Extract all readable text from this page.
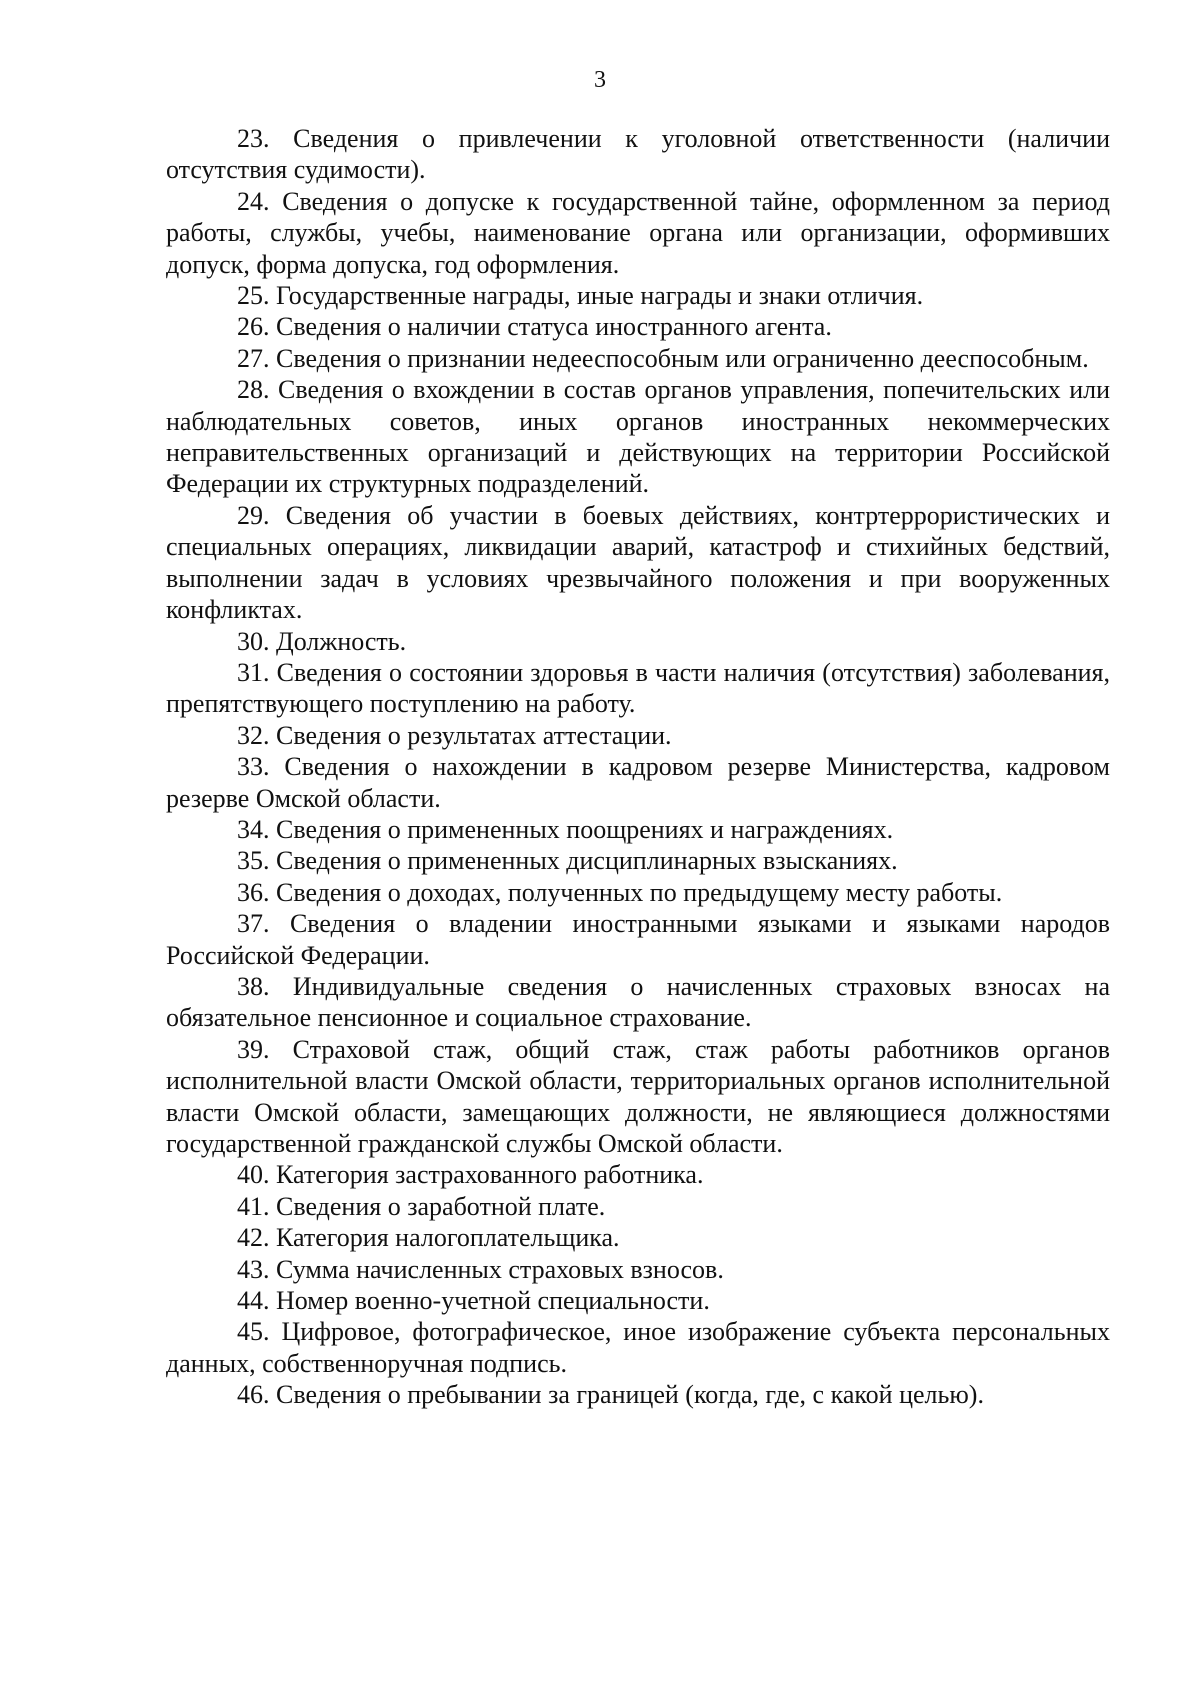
3

23. Сведения о привлечении к уголовной ответственности (наличии отсутствия судимости).

24. Сведения о допуске к государственной тайне, оформленном за период работы, службы, учебы, наименование органа или организации, оформивших допуск, форма допуска, год оформления.

25. Государственные награды, иные награды и знаки отличия.

26. Сведения о наличии статуса иностранного агента.

27. Сведения о признании недееспособным или ограниченно дееспособным.

28. Сведения о вхождении в состав органов управления, попечительских или наблюдательных советов, иных органов иностранных некоммерческих неправительственных организаций и действующих на территории Российской Федерации их структурных подразделений.

29. Сведения об участии в боевых действиях, контртеррористических и специальных операциях, ликвидации аварий, катастроф и стихийных бедствий, выполнении задач в условиях чрезвычайного положения и при вооруженных конфликтах.

30. Должность.

31. Сведения о состоянии здоровья в части наличия (отсутствия) заболевания, препятствующего поступлению на работу.

32. Сведения о результатах аттестации.

33. Сведения о нахождении в кадровом резерве Министерства, кадровом резерве Омской области.

34. Сведения о примененных поощрениях и награждениях.

35. Сведения о примененных дисциплинарных взысканиях.

36. Сведения о доходах, полученных по предыдущему месту работы.

37. Сведения о владении иностранными языками и языками народов Российской Федерации.

38. Индивидуальные сведения о начисленных страховых взносах на обязательное пенсионное и социальное страхование.

39. Страховой стаж, общий стаж, стаж работы работников органов исполнительной власти Омской области, территориальных органов исполнительной власти Омской области, замещающих должности, не являющиеся должностями государственной гражданской службы Омской области.

40. Категория застрахованного работника.

41. Сведения о заработной плате.

42. Категория налогоплательщика.

43. Сумма начисленных страховых взносов.

44. Номер военно-учетной специальности.

45. Цифровое, фотографическое, иное изображение субъекта персональных данных, собственноручная подпись.

46. Сведения о пребывании за границей (когда, где, с какой целью).
